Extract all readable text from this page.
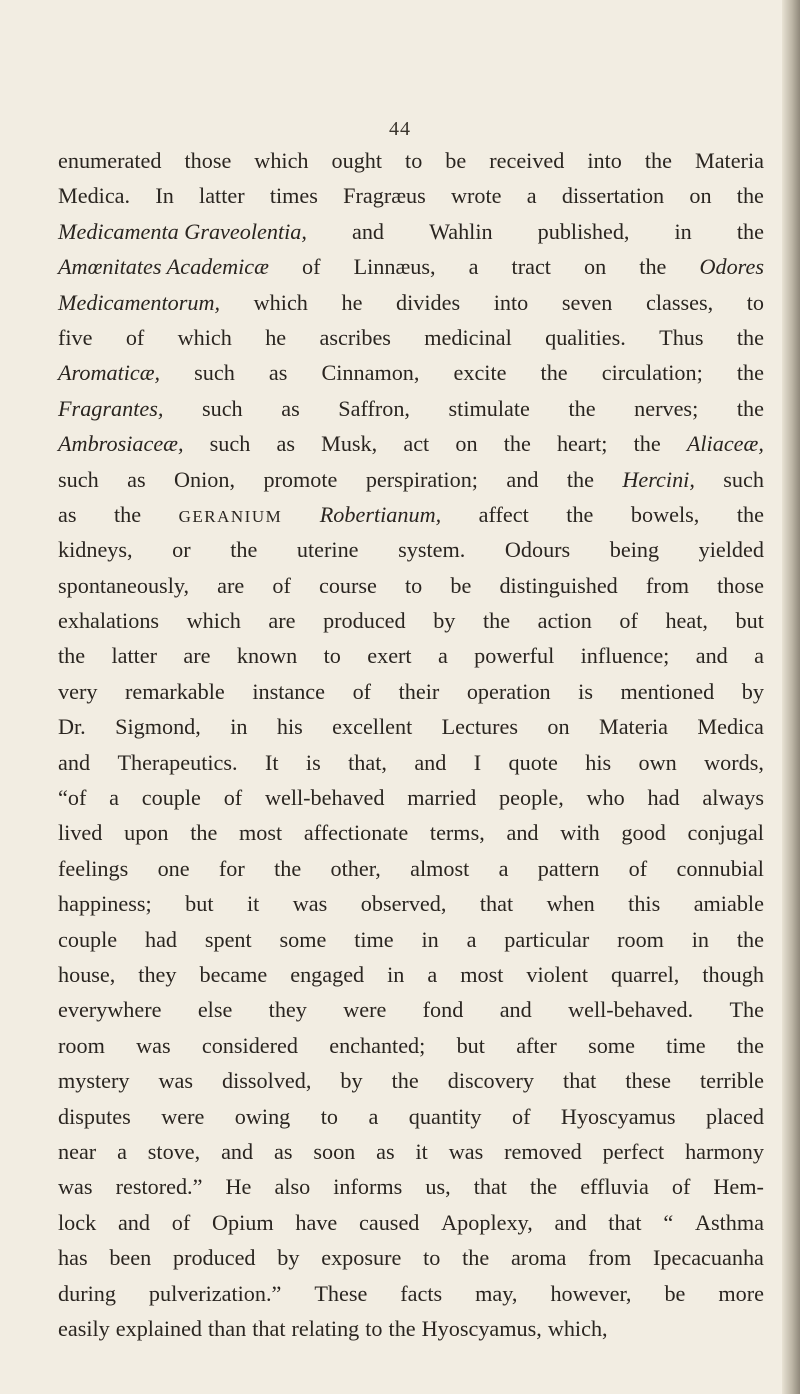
44
enumerated those which ought to be received into the Materia
Medica. In latter times Fragræus wrote a dissertation on the
Medicamenta Graveolentia, and Wahlin published, in the
Amœnitates Academicæ of Linnæus, a tract on the Odores
Medicamentorum, which he divides into seven classes, to
five of which he ascribes medicinal qualities. Thus the
Aromaticæ, such as Cinnamon, excite the circulation; the
Fragrantes, such as Saffron, stimulate the nerves; the
Ambrosiaceæ, such as Musk, act on the heart; the Aliaceæ,
such as Onion, promote perspiration; and the Hercini, such
as the GERANIUM Robertianum, affect the bowels, the
kidneys, or the uterine system. Odours being yielded
spontaneously, are of course to be distinguished from those
exhalations which are produced by the action of heat, but
the latter are known to exert a powerful influence; and a
very remarkable instance of their operation is mentioned by
Dr. Sigmond, in his excellent Lectures on Materia Medica
and Therapeutics. It is that, and I quote his own words,
“of a couple of well-behaved married people, who had always
lived upon the most affectionate terms, and with good conjugal
feelings one for the other, almost a pattern of connubial
happiness; but it was observed, that when this amiable
couple had spent some time in a particular room in the
house, they became engaged in a most violent quarrel, though
everywhere else they were fond and well-behaved. The
room was considered enchanted; but after some time the
mystery was dissolved, by the discovery that these terrible
disputes were owing to a quantity of Hyoscyamus placed
near a stove, and as soon as it was removed perfect harmony
was restored.” He also informs us, that the effluvia of Hem-
lock and of Opium have caused Apoplexy, and that “ Asthma
has been produced by exposure to the aroma from Ipecacuanha
during pulverization.” These facts may, however, be more
easily explained than that relating to the Hyoscyamus, which,
